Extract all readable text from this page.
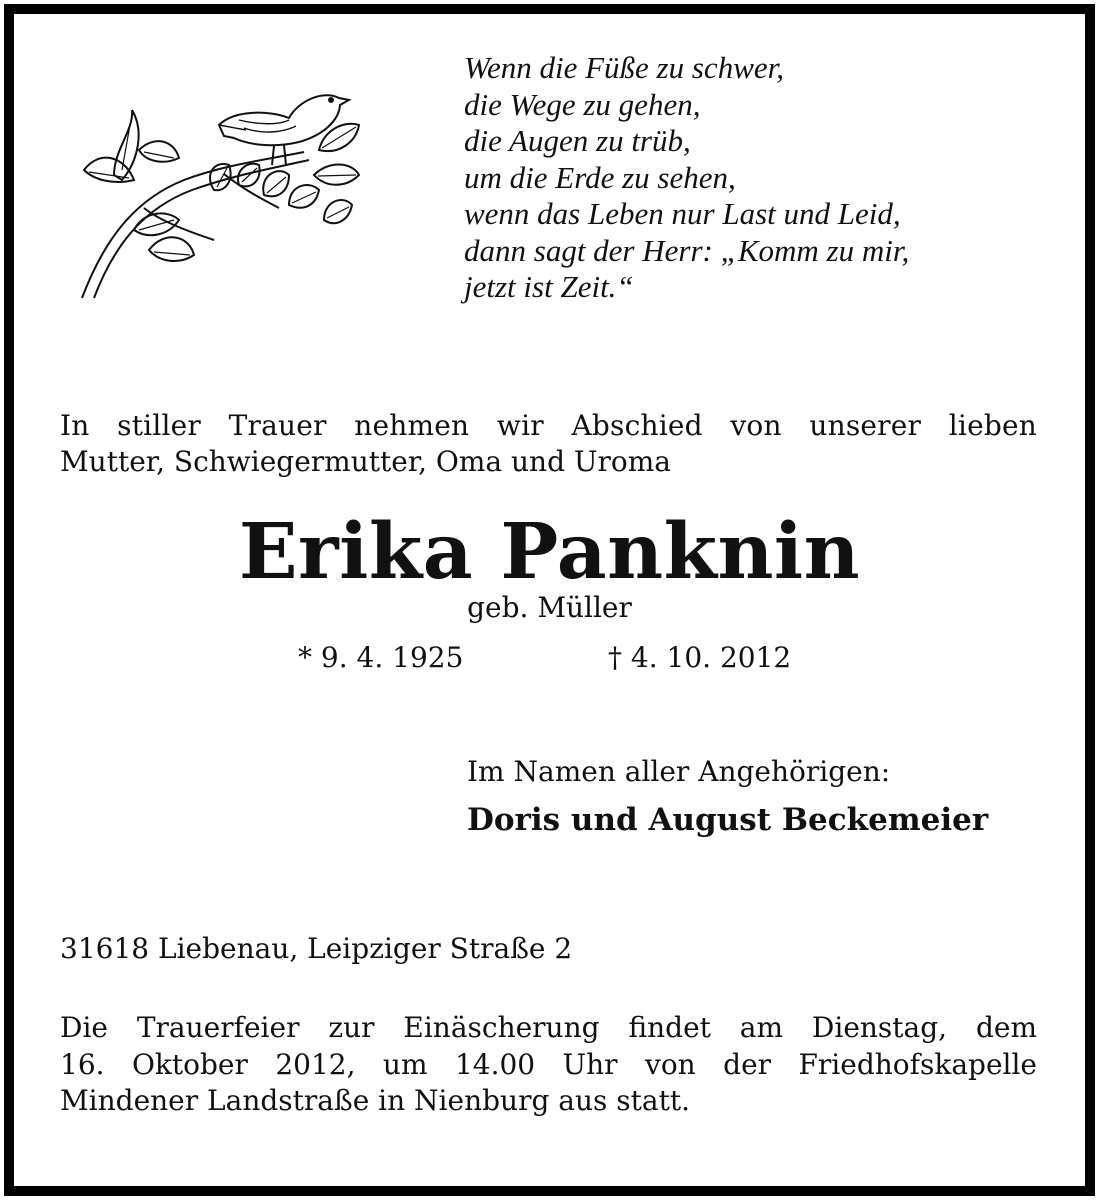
Wenn die Füße zu schwer,
die Wege zu gehen,
die Augen zu trüb,
um die Erde zu sehen,
wenn das Leben nur Last und Leid,
dann sagt der Herr: „Komm zu mir,
jetzt ist Zeit.“
In stiller Trauer nehmen wir Abschied von unserer lieben
Mutter, Schwiegermutter, Oma und Uroma
Erika Panknin
geb. Müller
* 9. 4. 1925	† 4. 10. 2012
Im Namen aller Angehörigen:
Doris und August Beckemeier
31618 Liebenau, Leipziger Straße 2
Die Trauerfeier zur Einäscherung findet am Dienstag, dem
16. Oktober 2012, um 14.00 Uhr von der Friedhofskapelle
Mindener Landstraße in Nienburg aus statt.
